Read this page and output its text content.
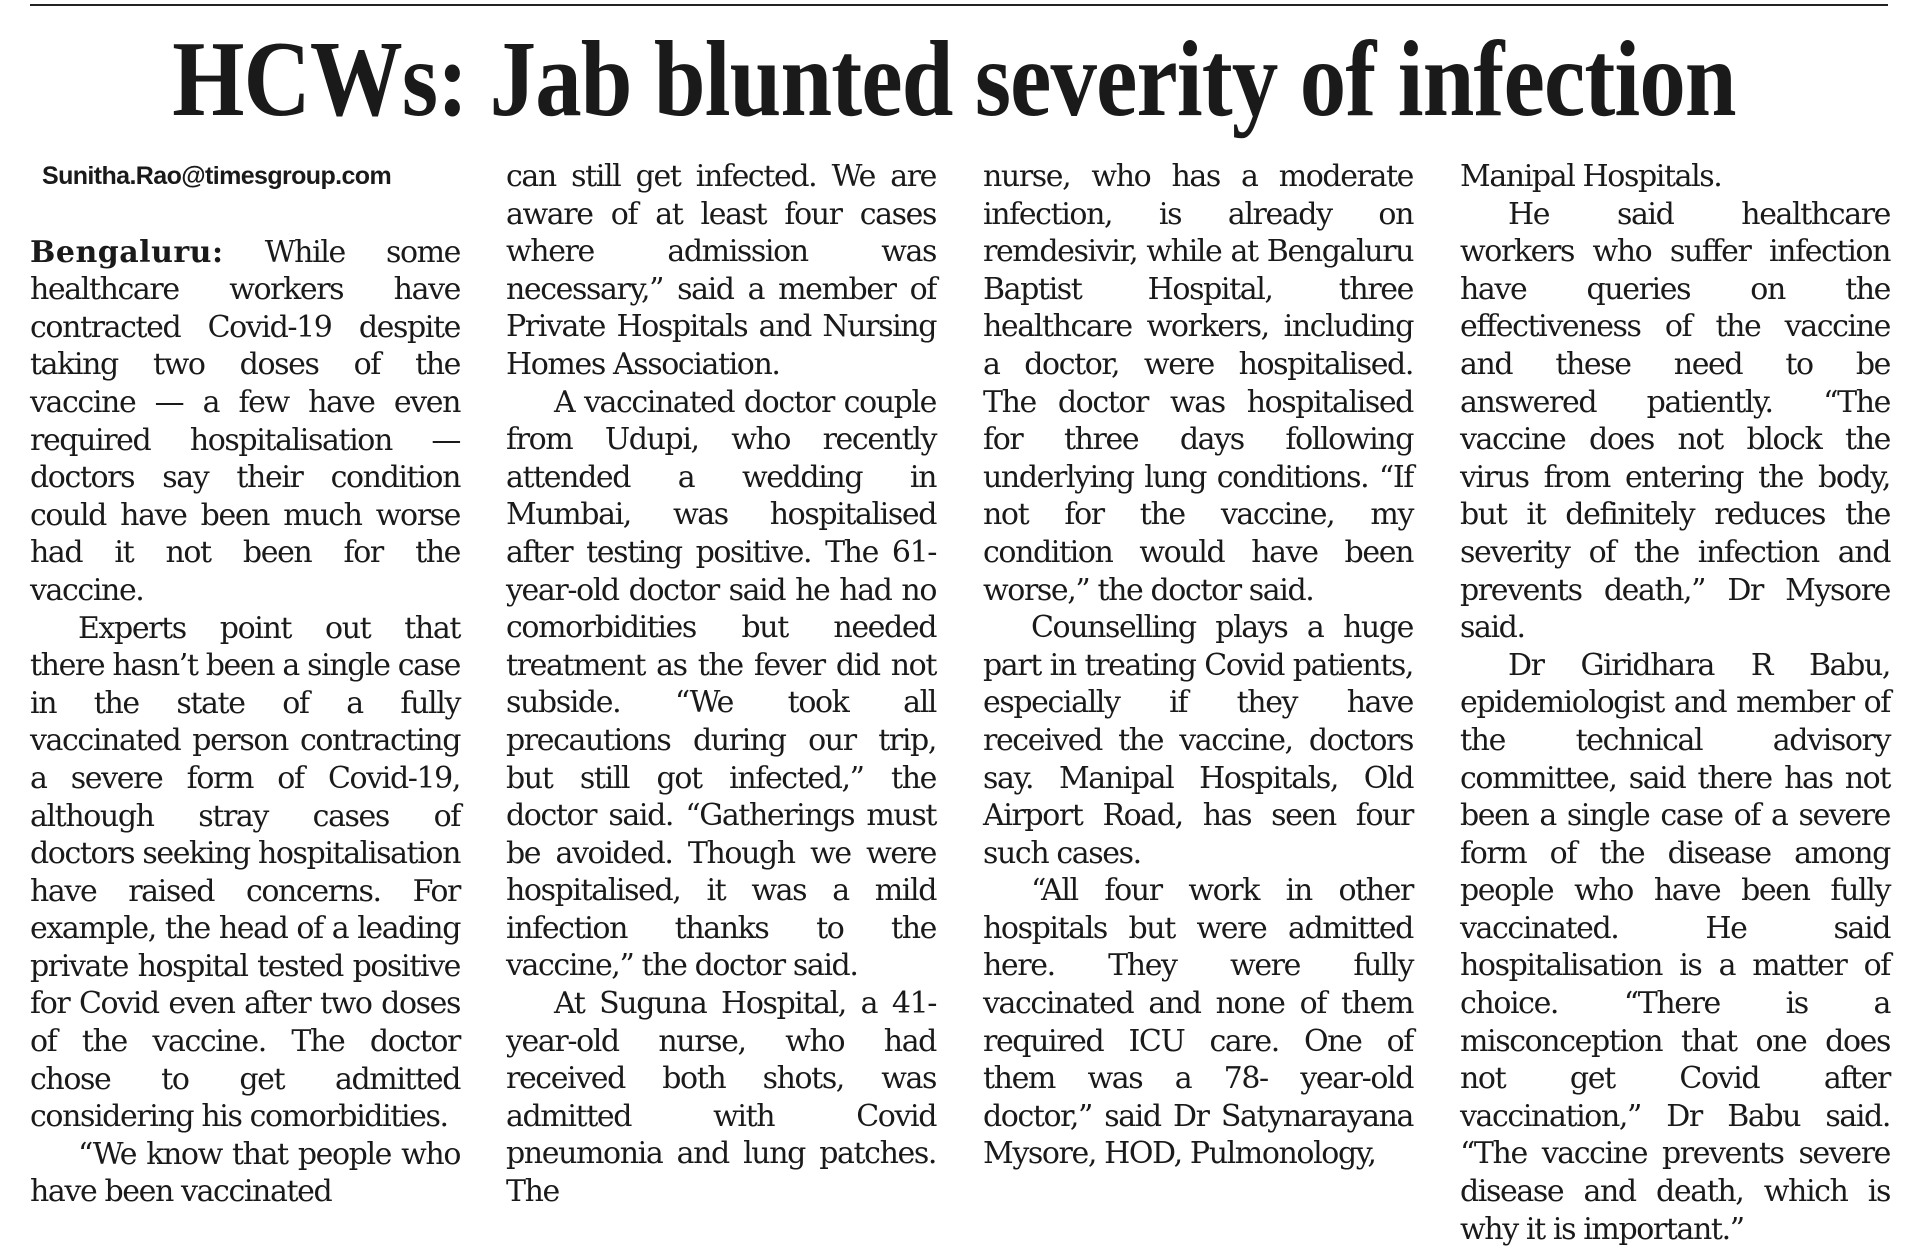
HCWs: Jab blunted severity of infection
Sunitha.Rao@timesgroup.com

Bengaluru: While some healthcare workers have contracted Covid-19 despite taking two doses of the vaccine — a few have even required hospitalisation — doctors say their condition could have been much worse had it not been for the vaccine.

Experts point out that there hasn’t been a single case in the state of a fully vaccinated person contracting a severe form of Covid-19, although stray cases of doctors seeking hospitalisation have raised concerns. For example, the head of a leading private hospital tested positive for Covid even after two doses of the vaccine. The doctor chose to get admitted considering his comorbidities.

“We know that people who have been vaccinated

can still get infected. We are aware of at least four cases where admission was necessary,” said a member of Private Hospitals and Nursing Homes Association.

A vaccinated doctor couple from Udupi, who recently attended a wedding in Mumbai, was hospitalised after testing positive. The 61-year-old doctor said he had no comorbidities but needed treatment as the fever did not subside. “We took all precautions during our trip, but still got infected,” the doctor said. “Gatherings must be avoided. Though we were hospitalised, it was a mild infection thanks to the vaccine,” the doctor said.

At Suguna Hospital, a 41-year-old nurse, who had received both shots, was admitted with Covid pneumonia and lung patches. The

nurse, who has a moderate infection, is already on remdesivir, while at Bengaluru Baptist Hospital, three healthcare workers, including a doctor, were hospitalised. The doctor was hospitalised for three days following underlying lung conditions. “If not for the vaccine, my condition would have been worse,” the doctor said.

Counselling plays a huge part in treating Covid patients, especially if they have received the vaccine, doctors say. Manipal Hospitals, Old Airport Road, has seen four such cases.

“All four work in other hospitals but were admitted here. They were fully vaccinated and none of them required ICU care. One of them was a 78- year-old doctor,” said Dr Satynarayana Mysore, HOD, Pulmonology,

Manipal Hospitals.

He said healthcare workers who suffer infection have queries on the effectiveness of the vaccine and these need to be answered patiently. “The vaccine does not block the virus from entering the body, but it definitely reduces the severity of the infection and prevents death,” Dr Mysore said.

Dr Giridhara R Babu, epidemiologist and member of the technical advisory committee, said there has not been a single case of a severe form of the disease among people who have been fully vaccinated. He said hospitalisation is a matter of choice. “There is a misconception that one does not get Covid after vaccination,” Dr Babu said. “The vaccine prevents severe disease and death, which is why it is important.”
